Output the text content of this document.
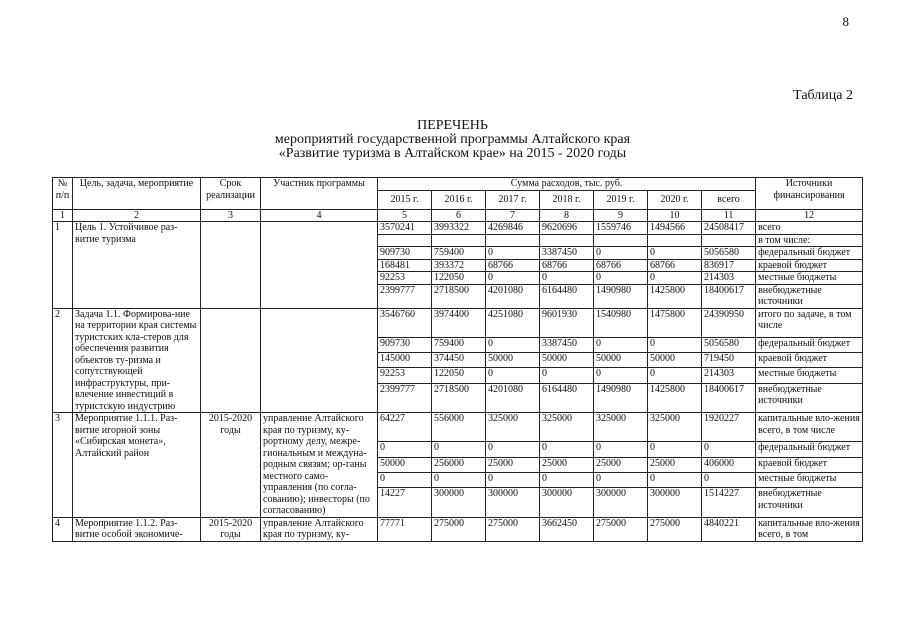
8
Таблица 2
ПЕРЕЧЕНЬ
мероприятий государственной программы Алтайского края
«Развитие туризма в Алтайском крае» на 2015 - 2020 годы
№ п/п	Цель, задача, мероприятие	Срок реализации	Участник программы	Сумма расходов, тыс. руб.							Источники финансирования
				2015 г.	2016 г.	2017 г.	2018 г.	2019 г.	2020 г.	всего	
1	2	3	4	5	6	7	8	9	10	11	12
1	Цель 1. Устойчивое раз-витие туризма			3570241	3993322	4269846	9620696	1559746	1494566	24508417	всего
											в том числе:
				909730	759400	0	3387450	0	0	5056580	федеральный бюджет
				168481	393372	68766	68766	68766	68766	836917	краевой бюджет
				92253	122050	0	0	0	0	214303	местные бюджеты
				2399777	2718500	4201080	6164480	1490980	1425800	18400617	внебюджетные источники
2	Задача 1.1. Формирова-ние на территории края системы туристских кла-стеров для обеспечения развития объектов ту-ризма и сопутствующей инфраструктуры, при-влечение инвестиций в туристскую индустрию			3546760	3974400	4251080	9601930	1540980	1475800	24390950	итого по задаче, в том числе
				909730	759400	0	3387450	0	0	5056580	федеральный бюджет
				145000	374450	50000	50000	50000	50000	719450	краевой бюджет
				92253	122050	0	0	0	0	214303	местные бюджеты
				2399777	2718500	4201080	6164480	1490980	1425800	18400617	внебюджетные источники
3	Мероприятие 1.1.1. Раз-витие игорной зоны «Сибирская монета», Алтайский район	2015-2020 годы	управление Алтайского края по туризму, ку-рортному делу, межре-гиональным и междуна-родным связям; ор-ганы местного само-управления (по согла-сованию); инвесторы (по согласованию)	64227	556000	325000	325000	325000	325000	1920227	капитальные вло-жения всего, в том числе
				0	0	0	0	0	0	0	федеральный бюджет
				50000	256000	25000	25000	25000	25000	406000	краевой бюджет
				0	0	0	0	0	0	0	местные бюджеты
				14227	300000	300000	300000	300000	300000	1514227	внебюджетные источники
4	Мероприятие 1.1.2. Раз-витие особой экономиче-	2015-2020 годы	управление Алтайского края по туризму, ку-	77771	275000	275000	3662450	275000	275000	4840221	капитальные вло-жения всего, в том
